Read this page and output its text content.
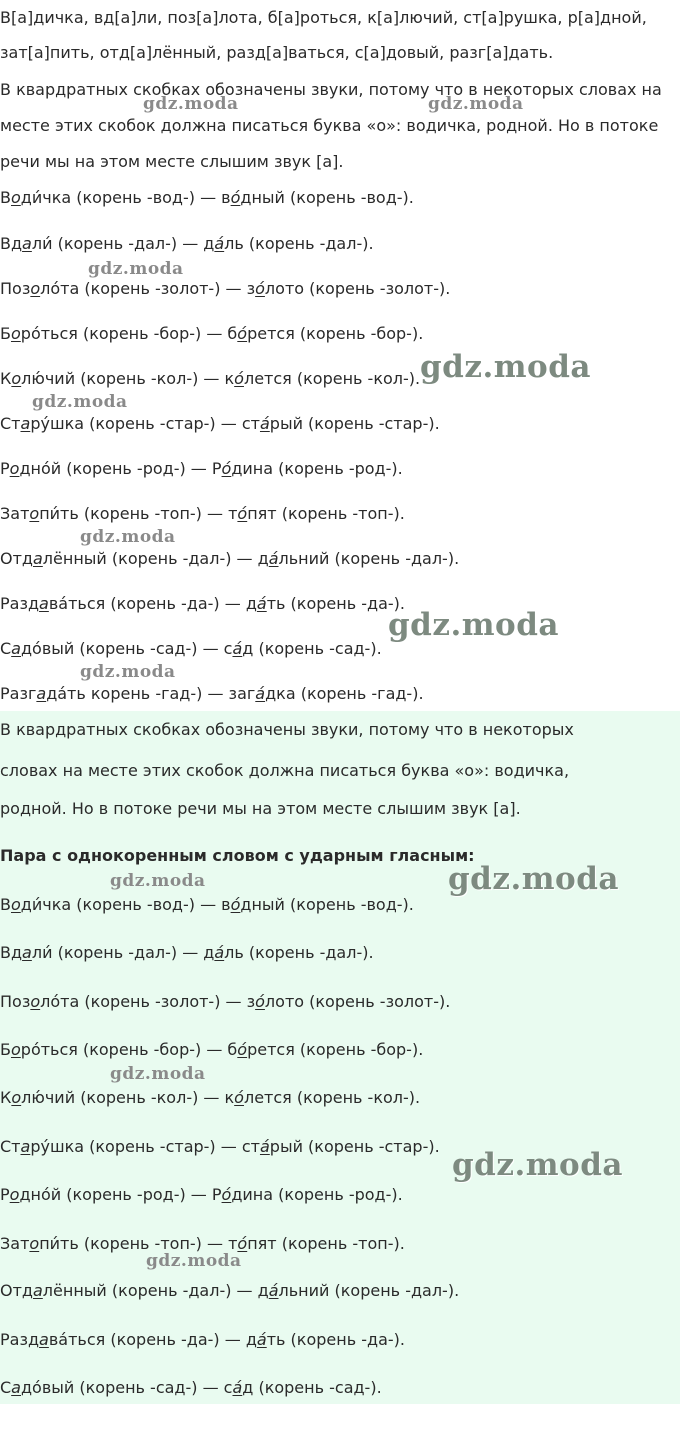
В[а]дичка, вд[а]ли, поз[а]лота, б[а]роться, к[а]лючий, ст[а]рушка, р[а]дной,
зат[а]пить, отд[а]лённый, разд[а]ваться, с[а]довый, разг[а]дать.
В квардратных скобках обозначены звуки, потому что в некоторых словах на
месте этих скобок должна писаться буква «о»: водичка, родной. Но в потоке
речи мы на этом месте слышим звук [а].
Води́чка (корень -вод-) — во́дный (корень -вод-).
Вдали́ (корень -дал-) — да́ль (корень -дал-).
Позоло́та (корень -золот-) — зо́лото (корень -золот-).
Боро́ться (корень -бор-) — бо́рется (корень -бор-).
Колю́чий (корень -кол-) — ко́лется (корень -кол-).
Стару́шка (корень -стар-) — ста́рый (корень -стар-).
Родно́й (корень -род-) — Ро́дина (корень -род-).
Затопи́ть (корень -топ-) — то́пят (корень -топ-).
Отдалённый (корень -дал-) — да́льний (корень -дал-).
Раздава́ться (корень -да-) — да́ть (корень -да-).
Садо́вый (корень -сад-) — са́д (корень -сад-).
Разгада́ть корень -гад-) — зага́дка (корень -гад-).
В квардратных скобках обозначены звуки, потому что в некоторых
словах на месте этих скобок должна писаться буква «о»: водичка,
родной. Но в потоке речи мы на этом месте слышим звук [а].
Пара с однокоренным словом с ударным гласным:
Води́чка (корень -вод-) — во́дный (корень -вод-).
Вдали́ (корень -дал-) — да́ль (корень -дал-).
Позоло́та (корень -золот-) — зо́лото (корень -золот-).
Боро́ться (корень -бор-) — бо́рется (корень -бор-).
Колю́чий (корень -кол-) — ко́лется (корень -кол-).
Стару́шка (корень -стар-) — ста́рый (корень -стар-).
Родно́й (корень -род-) — Ро́дина (корень -род-).
Затопи́ть (корень -топ-) — то́пят (корень -топ-).
Отдалённый (корень -дал-) — да́льний (корень -дал-).
Раздава́ться (корень -да-) — да́ть (корень -да-).
Садо́вый (корень -сад-) — са́д (корень -сад-).
gdz.moda	gdz.moda
gdz.moda
gdz.moda
gdz.moda
gdz.moda
gdz.moda
gdz.moda
gdz.moda	gdz.moda
gdz.moda
gdz.moda
gdz.moda
